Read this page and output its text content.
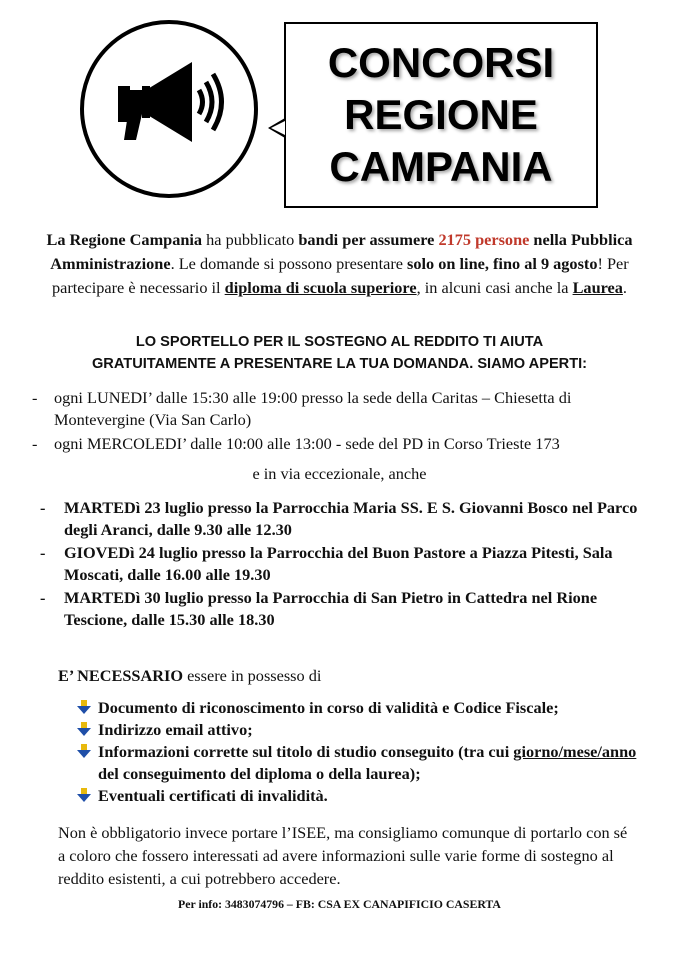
CONCORSI
REGIONE
CAMPANIA
La Regione Campania ha pubblicato bandi per assumere 2175 persone nella Pubblica Amministrazione. Le domande si possono presentare solo on line, fino al 9 agosto! Per partecipare è necessario il diploma di scuola superiore, in alcuni casi anche la Laurea.
LO SPORTELLO PER IL SOSTEGNO AL REDDITO TI AIUTA
GRATUITAMENTE A PRESENTARE LA TUA DOMANDA. SIAMO APERTI:
- ogni LUNEDI’ dalle 15:30 alle 19:00 presso la sede della Caritas – Chiesetta di Montevergine (Via San Carlo)
- ogni MERCOLEDI’ dalle 10:00 alle 13:00 - sede del PD in Corso Trieste 173
e in via eccezionale, anche
- MARTEDì 23 luglio presso la Parrocchia Maria SS. E S. Giovanni Bosco nel Parco degli Aranci, dalle 9.30 alle 12.30
- GIOVEDì 24 luglio presso la Parrocchia del Buon Pastore a Piazza Pitesti, Sala Moscati, dalle 16.00 alle 19.30
- MARTEDì 30 luglio presso la Parrocchia di San Pietro in Cattedra nel Rione Tescione, dalle 15.30 alle 18.30
E’ NECESSARIO essere in possesso di
Documento di riconoscimento in corso di validità e Codice Fiscale;
Indirizzo email attivo;
Informazioni corrette sul titolo di studio conseguito (tra cui giorno/mese/anno del conseguimento del diploma o della laurea);
Eventuali certificati di invalidità.
Non è obbligatorio invece portare l’ISEE, ma consigliamo comunque di portarlo con sé a coloro che fossero interessati ad avere informazioni sulle varie forme di sostegno al reddito esistenti, a cui potrebbero accedere.
Per info: 3483074796 – FB: CSA EX CANAPIFICIO CASERTA
